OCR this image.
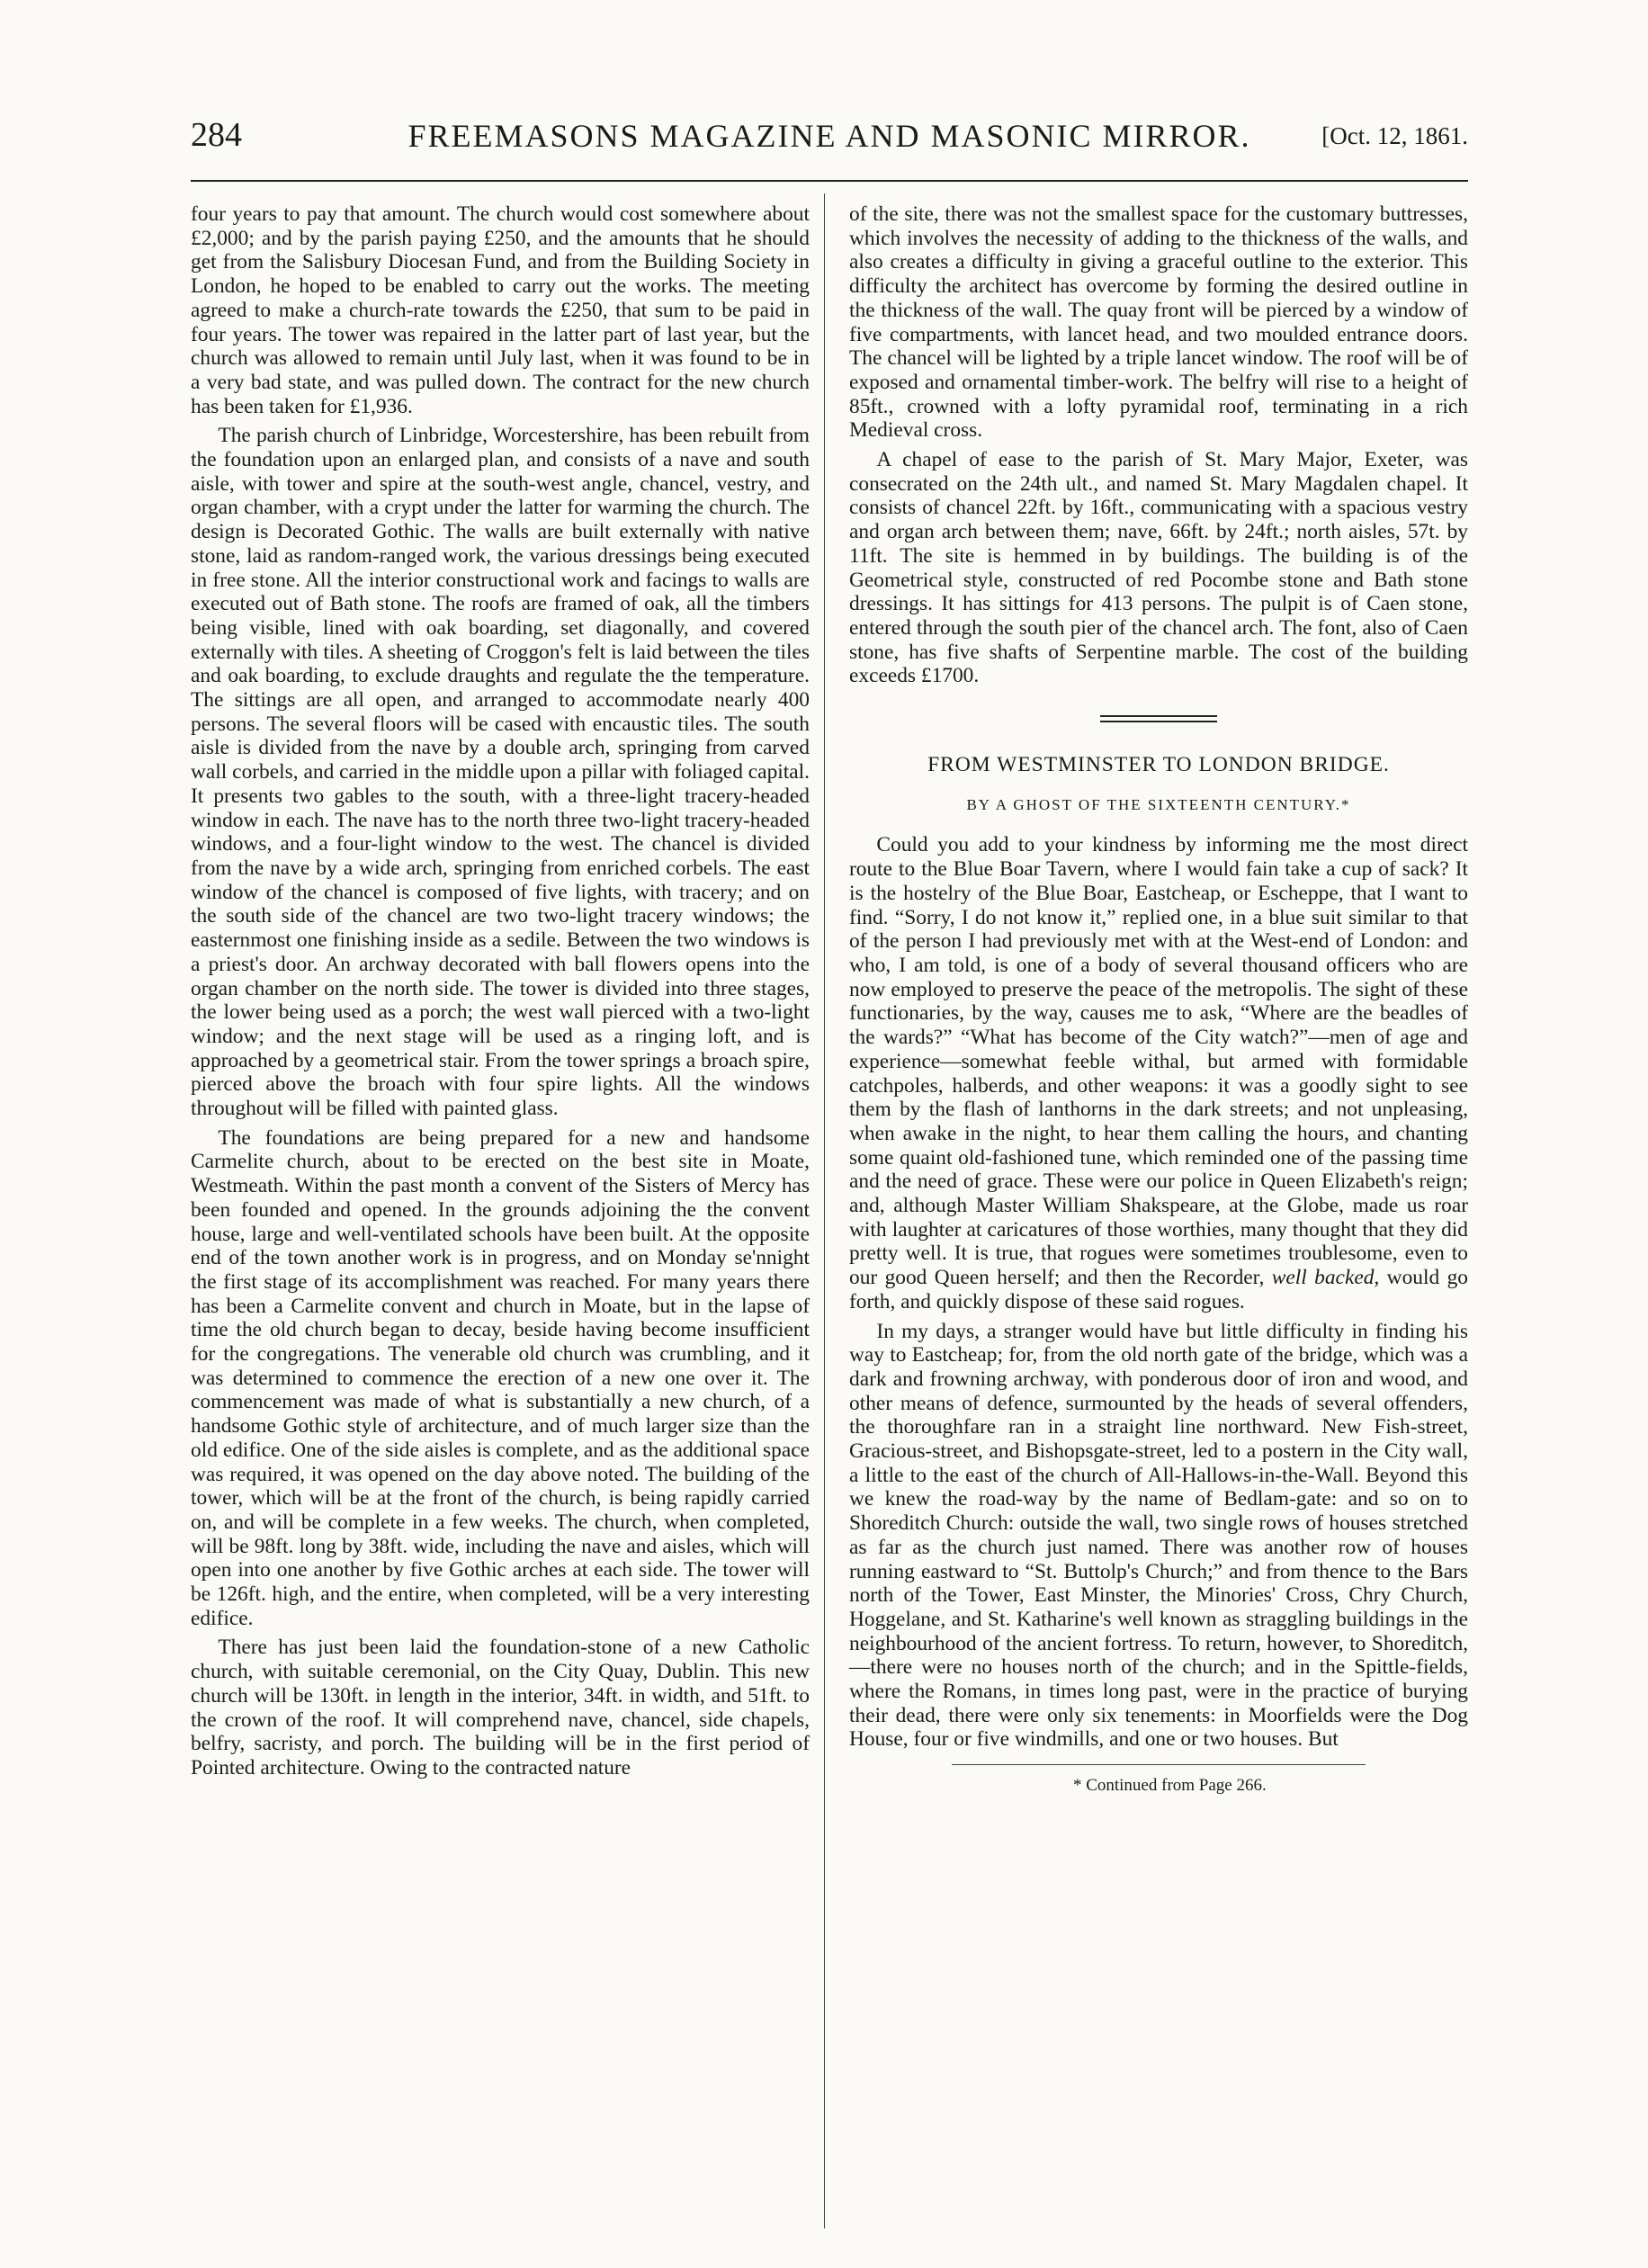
284	FREEMASONS MAGAZINE AND MASONIC MIRROR.	[Oct. 12, 1861.

four years to pay that amount. The church would cost somewhere about £2,000; and by the parish paying £250, and the amounts that he should get from the Salisbury Diocesan Fund, and from the Building Society in London, he hoped to be enabled to carry out the works. The meeting agreed to make a church-rate towards the £250, that sum to be paid in four years. The tower was repaired in the latter part of last year, but the church was allowed to remain until July last, when it was found to be in a very bad state, and was pulled down. The contract for the new church has been taken for £1,936.

The parish church of Linbridge, Worcestershire, has been rebuilt from the foundation upon an enlarged plan, and consists of a nave and south aisle, with tower and spire at the south-west angle, chancel, vestry, and organ chamber, with a crypt under the latter for warming the church. The design is Decorated Gothic. The walls are built externally with native stone, laid as random-ranged work, the various dressings being executed in free stone. All the interior constructional work and facings to walls are executed out of Bath stone. The roofs are framed of oak, all the timbers being visible, lined with oak boarding, set diagonally, and covered externally with tiles. A sheeting of Croggon's felt is laid between the tiles and oak boarding, to exclude draughts and regulate the the temperature. The sittings are all open, and arranged to accommodate nearly 400 persons. The several floors will be cased with encaustic tiles. The south aisle is divided from the nave by a double arch, springing from carved wall corbels, and carried in the middle upon a pillar with foliaged capital. It presents two gables to the south, with a three-light tracery-headed window in each. The nave has to the north three two-light tracery-headed windows, and a four-light window to the west. The chancel is divided from the nave by a wide arch, springing from enriched corbels. The east window of the chancel is composed of five lights, with tracery; and on the south side of the chancel are two two-light tracery windows; the easternmost one finishing inside as a sedile. Between the two windows is a priest's door. An archway decorated with ball flowers opens into the organ chamber on the north side. The tower is divided into three stages, the lower being used as a porch; the west wall pierced with a two-light window; and the next stage will be used as a ringing loft, and is approached by a geometrical stair. From the tower springs a broach spire, pierced above the broach with four spire lights. All the windows throughout will be filled with painted glass.

The foundations are being prepared for a new and handsome Carmelite church, about to be erected on the best site in Moate, Westmeath. Within the past month a convent of the Sisters of Mercy has been founded and opened. In the grounds adjoining the the convent house, large and well-ventilated schools have been built. At the opposite end of the town another work is in progress, and on Monday se'nnight the first stage of its accomplishment was reached. For many years there has been a Carmelite convent and church in Moate, but in the lapse of time the old church began to decay, beside having become insufficient for the congregations. The venerable old church was crumbling, and it was determined to commence the erection of a new one over it. The commencement was made of what is substantially a new church, of a handsome Gothic style of architecture, and of much larger size than the old edifice. One of the side aisles is complete, and as the additional space was required, it was opened on the day above noted. The building of the tower, which will be at the front of the church, is being rapidly carried on, and will be complete in a few weeks. The church, when completed, will be 98ft. long by 38ft. wide, including the nave and aisles, which will open into one another by five Gothic arches at each side. The tower will be 126ft. high, and the entire, when completed, will be a very interesting edifice.

There has just been laid the foundation-stone of a new Catholic church, with suitable ceremonial, on the City Quay, Dublin. This new church will be 130ft. in length in the interior, 34ft. in width, and 51ft. to the crown of the roof. It will comprehend nave, chancel, side chapels, belfry, sacristy, and porch. The building will be in the first period of Pointed architecture. Owing to the contracted nature

of the site, there was not the smallest space for the customary buttresses, which involves the necessity of adding to the thickness of the walls, and also creates a difficulty in giving a graceful outline to the exterior. This difficulty the architect has overcome by forming the desired outline in the thickness of the wall. The quay front will be pierced by a window of five compartments, with lancet head, and two moulded entrance doors. The chancel will be lighted by a triple lancet window. The roof will be of exposed and ornamental timber-work. The belfry will rise to a height of 85ft., crowned with a lofty pyramidal roof, terminating in a rich Medieval cross.

A chapel of ease to the parish of St. Mary Major, Exeter, was consecrated on the 24th ult., and named St. Mary Magdalen chapel. It consists of chancel 22ft. by 16ft., communicating with a spacious vestry and organ arch between them; nave, 66ft. by 24ft.; north aisles, 57t. by 11ft. The site is hemmed in by buildings. The building is of the Geometrical style, constructed of red Pocombe stone and Bath stone dressings. It has sittings for 413 persons. The pulpit is of Caen stone, entered through the south pier of the chancel arch. The font, also of Caen stone, has five shafts of Serpentine marble. The cost of the building exceeds £1700.

FROM WESTMINSTER TO LONDON BRIDGE.
BY A GHOST OF THE SIXTEENTH CENTURY.*

Could you add to your kindness by informing me the most direct route to the Blue Boar Tavern, where I would fain take a cup of sack? It is the hostelry of the Blue Boar, Eastcheap, or Escheppe, that I want to find. “Sorry, I do not know it,” replied one, in a blue suit similar to that of the person I had previously met with at the West-end of London: and who, I am told, is one of a body of several thousand officers who are now employed to preserve the peace of the metropolis. The sight of these functionaries, by the way, causes me to ask, “Where are the beadles of the wards?” “What has become of the City watch?”—men of age and experience—somewhat feeble withal, but armed with formidable catchpoles, halberds, and other weapons: it was a goodly sight to see them by the flash of lanthorns in the dark streets; and not unpleasing, when awake in the night, to hear them calling the hours, and chanting some quaint old-fashioned tune, which reminded one of the passing time and the need of grace. These were our police in Queen Elizabeth's reign; and, although Master William Shakspeare, at the Globe, made us roar with laughter at caricatures of those worthies, many thought that they did pretty well. It is true, that rogues were sometimes troublesome, even to our good Queen herself; and then the Recorder, well backed, would go forth, and quickly dispose of these said rogues.

In my days, a stranger would have but little difficulty in finding his way to Eastcheap; for, from the old north gate of the bridge, which was a dark and frowning archway, with ponderous door of iron and wood, and other means of defence, surmounted by the heads of several offenders, the thoroughfare ran in a straight line northward. New Fish-street, Gracious-street, and Bishopsgate-street, led to a postern in the City wall, a little to the east of the church of All-Hallows-in-the-Wall. Beyond this we knew the road-way by the name of Bedlam-gate: and so on to Shoreditch Church: outside the wall, two single rows of houses stretched as far as the church just named. There was another row of houses running eastward to “St. Buttolp's Church;” and from thence to the Bars north of the Tower, East Minster, the Minories' Cross, Chry Church, Hoggelane, and St. Katharine's well known as straggling buildings in the neighbourhood of the ancient fortress. To return, however, to Shoreditch,—there were no houses north of the church; and in the Spittle-fields, where the Romans, in times long past, were in the practice of burying their dead, there were only six tenements: in Moorfields were the Dog House, four or five windmills, and one or two houses. But

* Continued from Page 266.
